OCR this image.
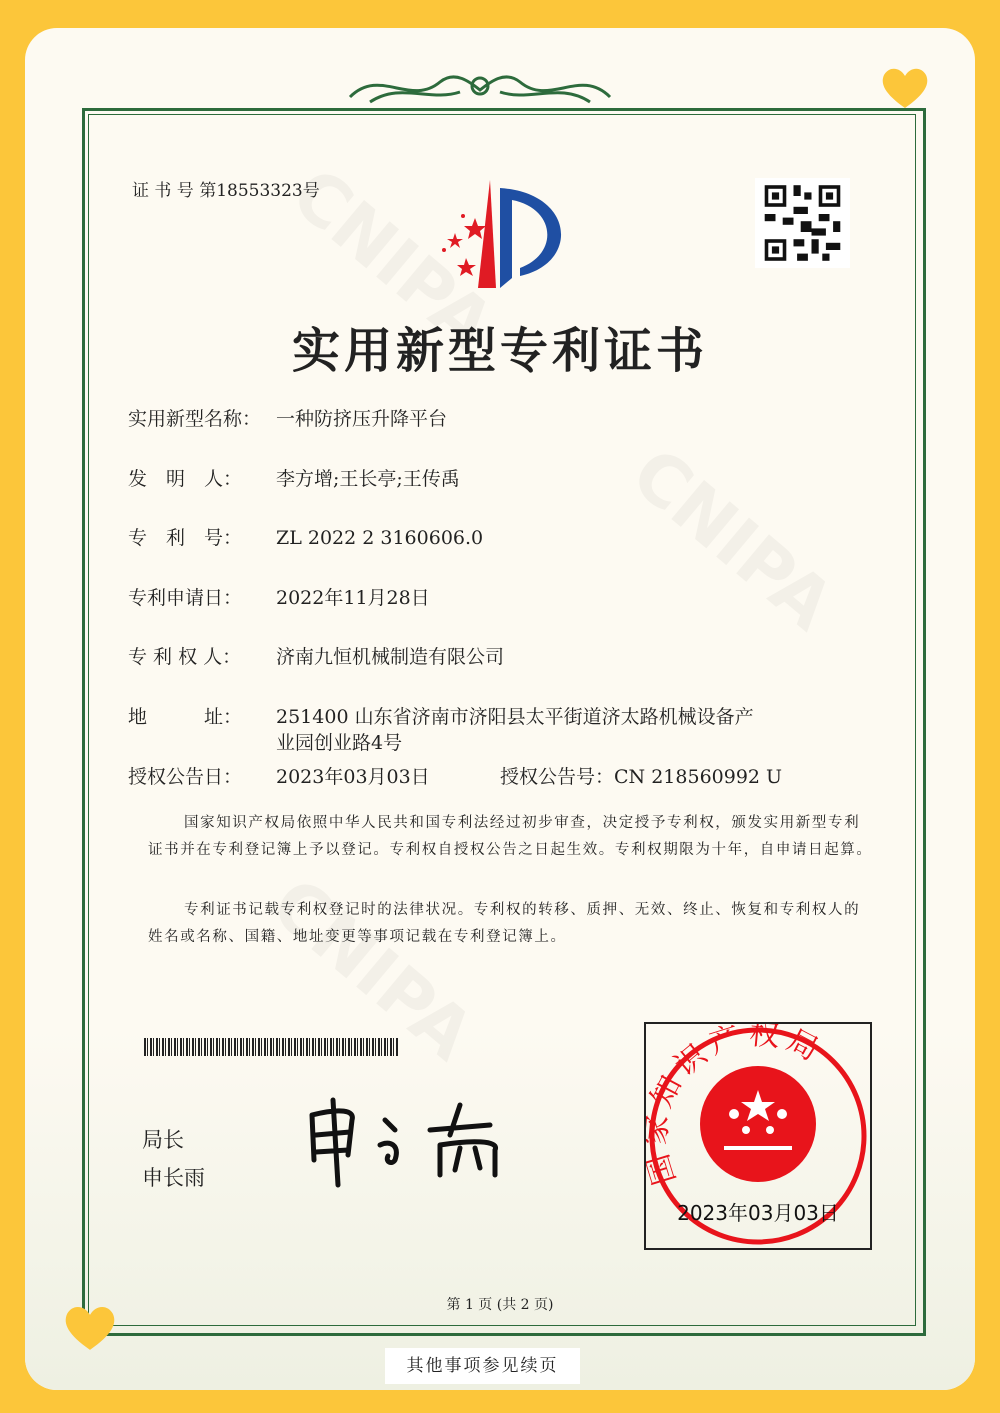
证 书 号 第18553323号
实用新型专利证书
实用新型名称： 一种防挤压升降平台
发　明　人： 李方增;王长亭;王传禹
专　利　号： ZL 2022 2 3160606.0
专利申请日： 2022年11月28日
专 利 权 人： 济南九恒机械制造有限公司
地　　　址： 251400 山东省济南市济阳县太平街道济太路机械设备产
业园创业路4号
授权公告日： 2023年03月03日	授权公告号：CN 218560992 U
国家知识产权局依照中华人民共和国专利法经过初步审查，决定授予专利权，颁发实用新型专利证书并在专利登记簿上予以登记。专利权自授权公告之日起生效。专利权期限为十年，自申请日起算。
专利证书记载专利权登记时的法律状况。专利权的转移、质押、无效、终止、恢复和专利权人的姓名或名称、国籍、地址变更等事项记载在专利登记簿上。
局长
申长雨
知识产权局
2023年03月03日
第 1 页 (共 2 页)
其他事项参见续页
